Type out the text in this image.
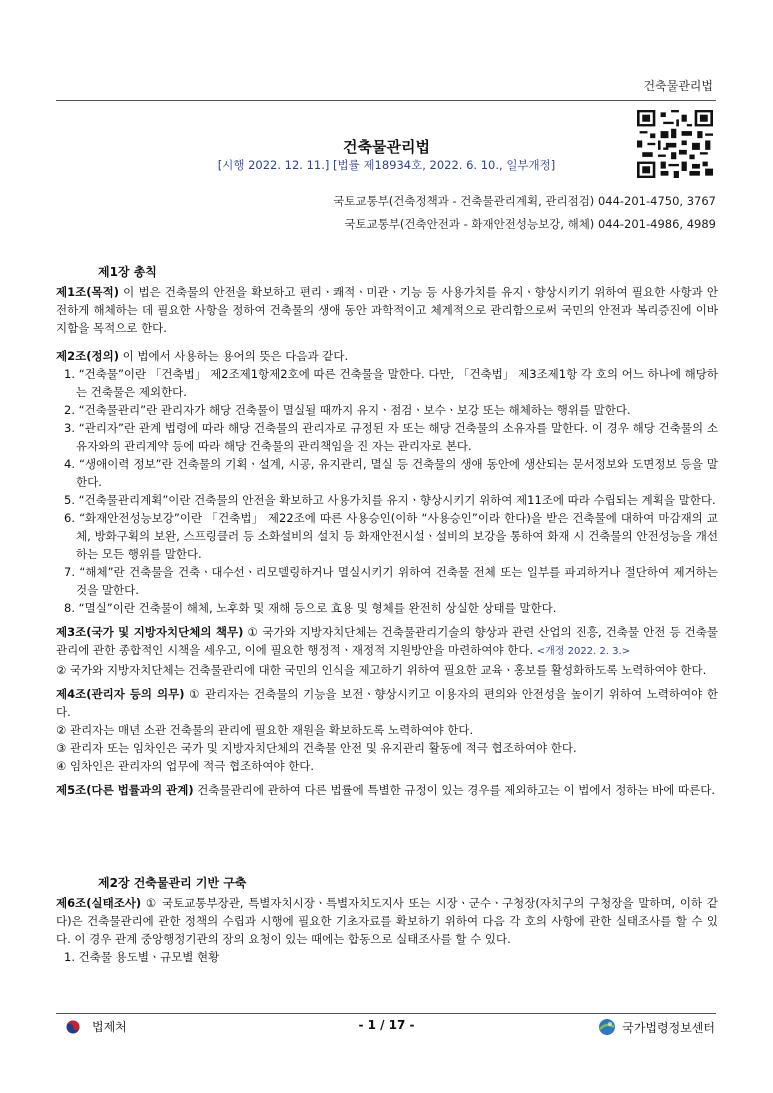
건축물관리법
건축물관리법
[시행 2022. 12. 11.] [법률 제18934호, 2022. 6. 10., 일부개정]
국토교통부(건축정책과 - 건축물관리계획, 관리점검) 044-201-4750, 3767
국토교통부(건축안전과 - 화재안전성능보강, 해체) 044-201-4986, 4989
제1장 총칙

제1조(목적) 이 법은 건축물의 안전을 확보하고 편리ㆍ쾌적ㆍ미관ㆍ기능 등 사용가치를 유지ㆍ향상시키기 위하여 필요한 사항과 안전하게 해체하는 데 필요한 사항을 정하여 건축물의 생애 동안 과학적이고 체계적으로 관리함으로써 국민의 안전과 복리증진에 이바지함을 목적으로 한다.

제2조(정의) 이 법에서 사용하는 용어의 뜻은 다음과 같다.

1. “건축물”이란 「건축법」 제2조제1항제2호에 따른 건축물을 말한다. 다만, 「건축법」 제3조제1항 각 호의 어느 하나에 해당하는 건축물은 제외한다.

2. “건축물관리”란 관리자가 해당 건축물이 멸실될 때까지 유지ㆍ점검ㆍ보수ㆍ보강 또는 해체하는 행위를 말한다.

3. “관리자”란 관계 법령에 따라 해당 건축물의 관리자로 규정된 자 또는 해당 건축물의 소유자를 말한다. 이 경우 해당 건축물의 소유자와의 관리계약 등에 따라 해당 건축물의 관리책임을 진 자는 관리자로 본다.

4. “생애이력 정보”란 건축물의 기획ㆍ설계, 시공, 유지관리, 멸실 등 건축물의 생애 동안에 생산되는 문서정보와 도면정보 등을 말한다.

5. “건축물관리계획”이란 건축물의 안전을 확보하고 사용가치를 유지ㆍ향상시키기 위하여 제11조에 따라 수립되는 계획을 말한다.

6. “화재안전성능보강”이란 「건축법」 제22조에 따른 사용승인(이하 “사용승인”이라 한다)을 받은 건축물에 대하여 마감재의 교체, 방화구획의 보완, 스프링클러 등 소화설비의 설치 등 화재안전시설ㆍ설비의 보강을 통하여 화재 시 건축물의 안전성능을 개선하는 모든 행위를 말한다.

7. “해체”란 건축물을 건축ㆍ대수선ㆍ리모델링하거나 멸실시키기 위하여 건축물 전체 또는 일부를 파괴하거나 절단하여 제거하는 것을 말한다.

8. “멸실”이란 건축물이 해체, 노후화 및 재해 등으로 효용 및 형체를 완전히 상실한 상태를 말한다.

제3조(국가 및 지방자치단체의 책무) ① 국가와 지방자치단체는 건축물관리기술의 향상과 관련 산업의 진흥, 건축물 안전 등 건축물관리에 관한 종합적인 시책을 세우고, 이에 필요한 행정적ㆍ재정적 지원방안을 마련하여야 한다. <개정 2022. 2. 3.>

② 국가와 지방자치단체는 건축물관리에 대한 국민의 인식을 제고하기 위하여 필요한 교육ㆍ홍보를 활성화하도록 노력하여야 한다.

제4조(관리자 등의 의무) ① 관리자는 건축물의 기능을 보전ㆍ향상시키고 이용자의 편의와 안전성을 높이기 위하여 노력하여야 한다.

② 관리자는 매년 소관 건축물의 관리에 필요한 재원을 확보하도록 노력하여야 한다.

③ 관리자 또는 임차인은 국가 및 지방자치단체의 건축물 안전 및 유지관리 활동에 적극 협조하여야 한다.

④ 임차인은 관리자의 업무에 적극 협조하여야 한다.

제5조(다른 법률과의 관계) 건축물관리에 관하여 다른 법률에 특별한 규정이 있는 경우를 제외하고는 이 법에서 정하는 바에 따른다.

제2장 건축물관리 기반 구축

제6조(실태조사) ① 국토교통부장관, 특별자치시장ㆍ특별자치도지사 또는 시장ㆍ군수ㆍ구청장(자치구의 구청장을 말하며, 이하 같다)은 건축물관리에 관한 정책의 수립과 시행에 필요한 기초자료를 확보하기 위하여 다음 각 호의 사항에 관한 실태조사를 할 수 있다. 이 경우 관계 중앙행정기관의 장의 요청이 있는 때에는 합동으로 실태조사를 할 수 있다.

1. 건축물 용도별ㆍ규모별 현황

법제처	- 1 / 17 -	국가법령정보센터
